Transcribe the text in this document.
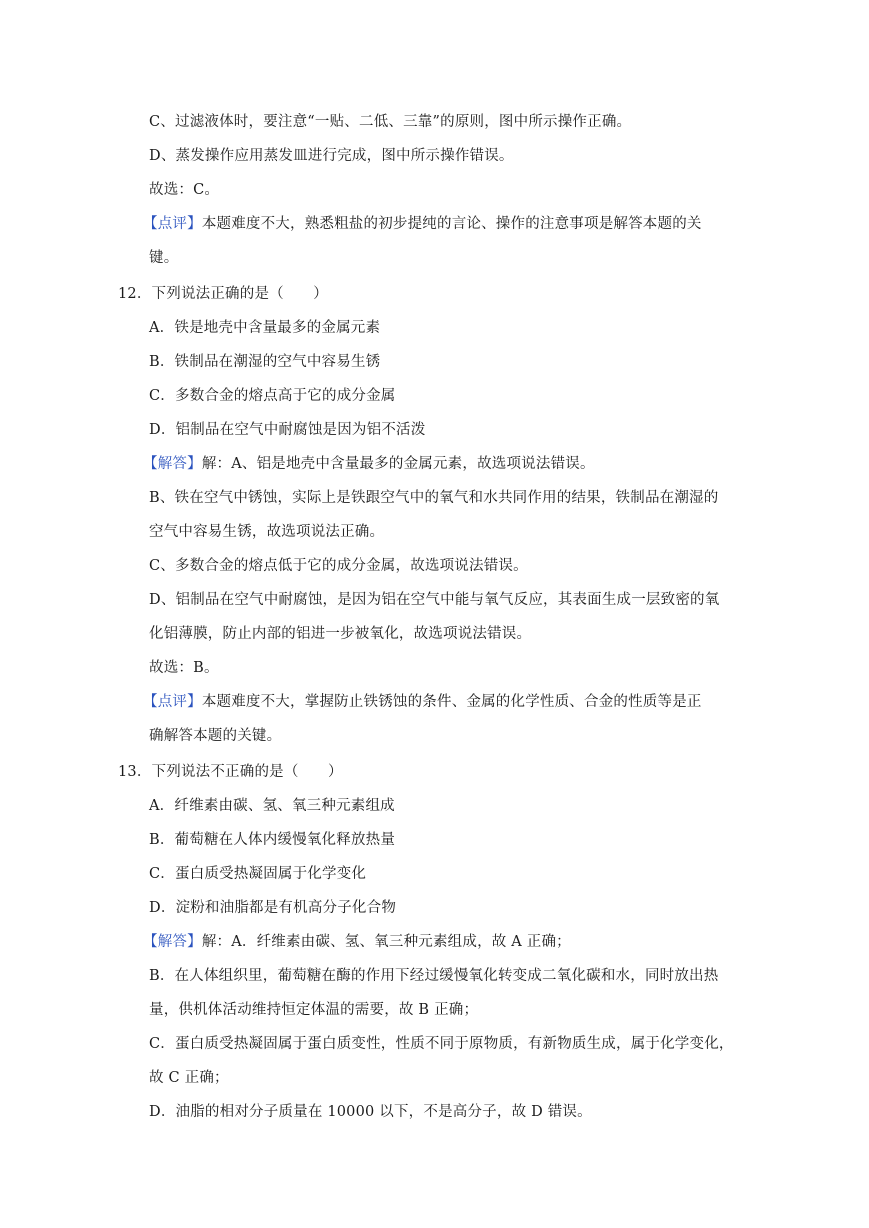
C、过滤液体时，要注意“一贴、二低、三靠”的原则，图中所示操作正确。
D、蒸发操作应用蒸发皿进行完成，图中所示操作错误。
故选：C。
【点评】本题难度不大，熟悉粗盐的初步提纯的言论、操作的注意事项是解答本题的关
键。
12．下列说法正确的是（　　）
A．铁是地壳中含量最多的金属元素
B．铁制品在潮湿的空气中容易生锈
C．多数合金的熔点高于它的成分金属
D．铝制品在空气中耐腐蚀是因为铝不活泼
【解答】解：A、铝是地壳中含量最多的金属元素，故选项说法错误。
B、铁在空气中锈蚀，实际上是铁跟空气中的氧气和水共同作用的结果，铁制品在潮湿的
空气中容易生锈，故选项说法正确。
C、多数合金的熔点低于它的成分金属，故选项说法错误。
D、铝制品在空气中耐腐蚀，是因为铝在空气中能与氧气反应，其表面生成一层致密的氧
化铝薄膜，防止内部的铝进一步被氧化，故选项说法错误。
故选：B。
【点评】本题难度不大，掌握防止铁锈蚀的条件、金属的化学性质、合金的性质等是正
确解答本题的关键。
13．下列说法不正确的是（　　）
A．纤维素由碳、氢、氧三种元素组成
B．葡萄糖在人体内缓慢氧化释放热量
C．蛋白质受热凝固属于化学变化
D．淀粉和油脂都是有机高分子化合物
【解答】解：A．纤维素由碳、氢、氧三种元素组成，故 A 正确；
B．在人体组织里，葡萄糖在酶的作用下经过缓慢氧化转变成二氧化碳和水，同时放出热
量，供机体活动维持恒定体温的需要，故 B 正确；
C．蛋白质受热凝固属于蛋白质变性，性质不同于原物质，有新物质生成，属于化学变化，
故 C 正确；
D．油脂的相对分子质量在 10000 以下，不是高分子，故 D 错误。
